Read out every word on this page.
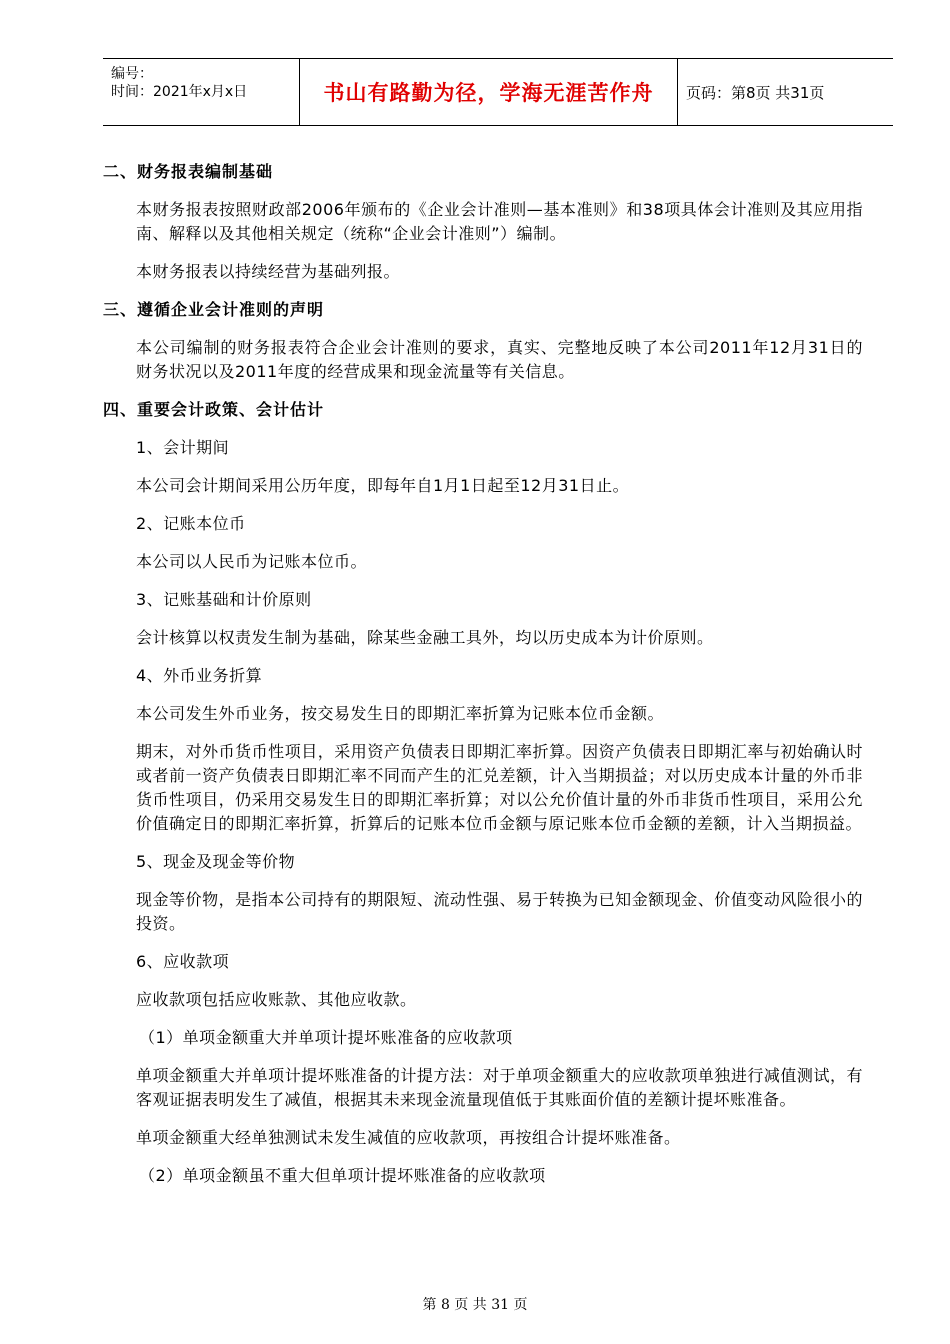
编号：
时间：2021年x月x日	书山有路勤为径，学海无涯苦作舟	页码：第8页 共31页
二、财务报表编制基础
本财务报表按照财政部2006年颁布的《企业会计准则—基本准则》和38项具体会计准则及其应用指南、解释以及其他相关规定（统称“企业会计准则”）编制。
本财务报表以持续经营为基础列报。
三、遵循企业会计准则的声明
本公司编制的财务报表符合企业会计准则的要求，真实、完整地反映了本公司2011年12月31日的财务状况以及2011年度的经营成果和现金流量等有关信息。
四、重要会计政策、会计估计
1、会计期间
本公司会计期间采用公历年度，即每年自1月1日起至12月31日止。
2、记账本位币
本公司以人民币为记账本位币。
3、记账基础和计价原则
会计核算以权责发生制为基础，除某些金融工具外，均以历史成本为计价原则。
4、外币业务折算
本公司发生外币业务，按交易发生日的即期汇率折算为记账本位币金额。
期末，对外币货币性项目，采用资产负债表日即期汇率折算。因资产负债表日即期汇率与初始确认时或者前一资产负债表日即期汇率不同而产生的汇兑差额，计入当期损益；对以历史成本计量的外币非货币性项目，仍采用交易发生日的即期汇率折算；对以公允价值计量的外币非货币性项目，采用公允价值确定日的即期汇率折算，折算后的记账本位币金额与原记账本位币金额的差额，计入当期损益。
5、现金及现金等价物
现金等价物，是指本公司持有的期限短、流动性强、易于转换为已知金额现金、价值变动风险很小的投资。
6、应收款项
应收款项包括应收账款、其他应收款。
（1）单项金额重大并单项计提坏账准备的应收款项
单项金额重大并单项计提坏账准备的计提方法：对于单项金额重大的应收款项单独进行减值测试，有客观证据表明发生了减值，根据其未来现金流量现值低于其账面价值的差额计提坏账准备。
单项金额重大经单独测试未发生减值的应收款项，再按组合计提坏账准备。
（2）单项金额虽不重大但单项计提坏账准备的应收款项
第 8 页 共 31 页
